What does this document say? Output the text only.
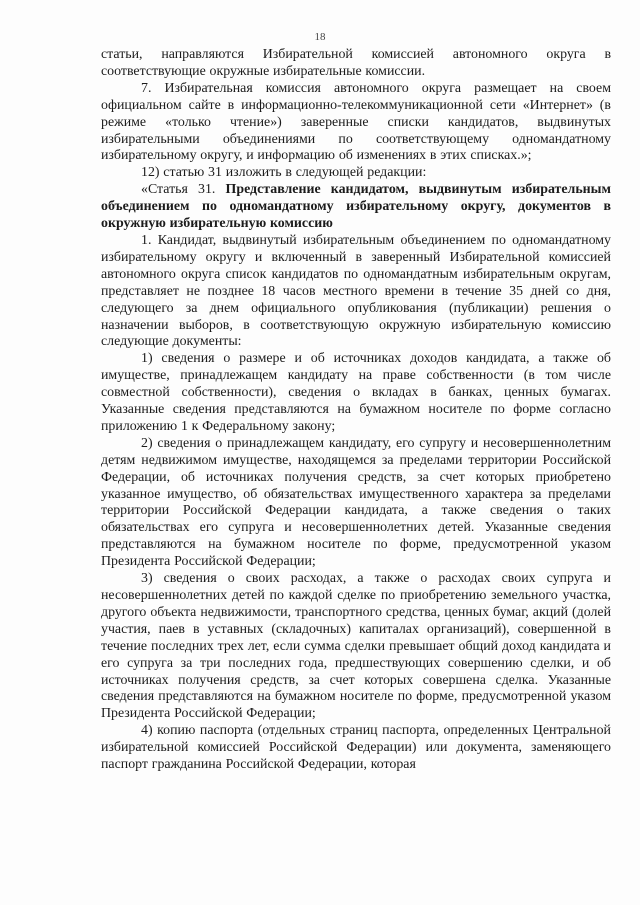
18

статьи, направляются Избирательной комиссией автономного округа в соответствующие окружные избирательные комиссии.

7. Избирательная комиссия автономного округа размещает на своем официальном сайте в информационно-телекоммуникационной сети «Интернет» (в режиме «только чтение») заверенные списки кандидатов, выдвинутых избирательными объединениями по соответствующему одномандатному избирательному округу, и информацию об изменениях в этих списках.»;

12) статью 31 изложить в следующей редакции:

«Статья 31. Представление кандидатом, выдвинутым избирательным объединением по одномандатному избирательному округу, документов в окружную избирательную комиссию

1. Кандидат, выдвинутый избирательным объединением по одномандатному избирательному округу и включенный в заверенный Избирательной комиссией автономного округа список кандидатов по одномандатным избирательным округам, представляет не позднее 18 часов местного времени в течение 35 дней со дня, следующего за днем официального опубликования (публикации) решения о назначении выборов, в соответствующую окружную избирательную комиссию следующие документы:

1) сведения о размере и об источниках доходов кандидата, а также об имуществе, принадлежащем кандидату на праве собственности (в том числе совместной собственности), сведения о вкладах в банках, ценных бумагах. Указанные сведения представляются на бумажном носителе по форме согласно приложению 1 к Федеральному закону;

2) сведения о принадлежащем кандидату, его супругу и несовершеннолетним детям недвижимом имуществе, находящемся за пределами территории Российской Федерации, об источниках получения средств, за счет которых приобретено указанное имущество, об обязательствах имущественного характера за пределами территории Российской Федерации кандидата, а также сведения о таких обязательствах его супруга и несовершеннолетних детей. Указанные сведения представляются на бумажном носителе по форме, предусмотренной указом Президента Российской Федерации;

3) сведения о своих расходах, а также о расходах своих супруга и несовершеннолетних детей по каждой сделке по приобретению земельного участка, другого объекта недвижимости, транспортного средства, ценных бумаг, акций (долей участия, паев в уставных (складочных) капиталах организаций), совершенной в течение последних трех лет, если сумма сделки превышает общий доход кандидата и его супруга за три последних года, предшествующих совершению сделки, и об источниках получения средств, за счет которых совершена сделка. Указанные сведения представляются на бумажном носителе по форме, предусмотренной указом Президента Российской Федерации;

4) копию паспорта (отдельных страниц паспорта, определенных Центральной избирательной комиссией Российской Федерации) или документа, заменяющего паспорт гражданина Российской Федерации, которая
